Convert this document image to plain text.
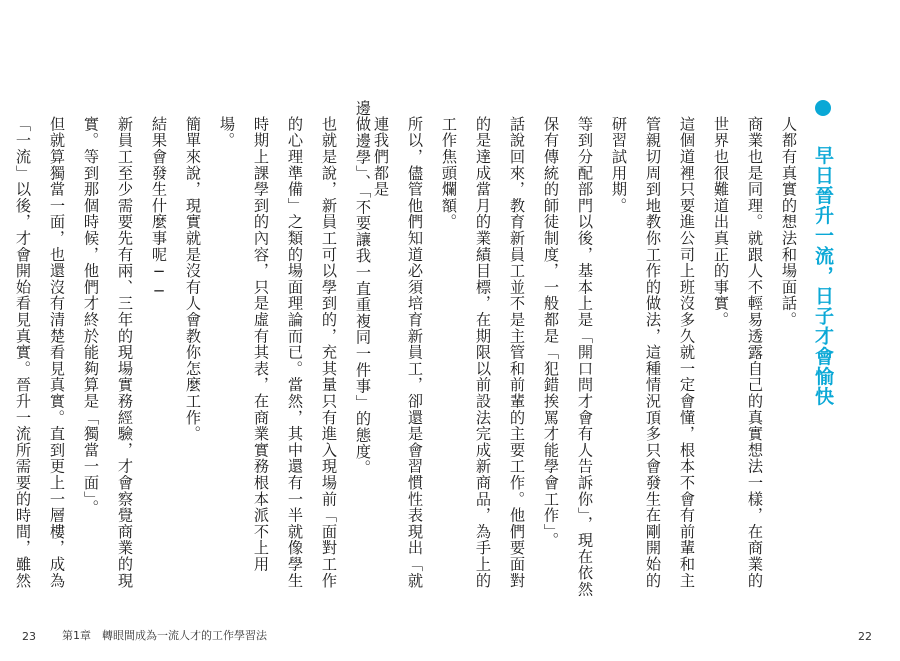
早日晉升一流，日子才會愉快

人都有真實的想法和場面話。

商業也是同理。就跟人不輕易透露自己的真實想法一樣，在商業的世界也很難道出真正的事實。

這個道裡只要進公司上班沒多久就一定會懂，根本不會有前輩和主管親切周到地教你工作的做法，這種情況頂多只會發生在剛開始的研習試用期。

等到分配部門以後，基本上是「開口問才會有人告訴你」，現在依然保有傳統的師徒制度，一般都是「犯錯挨罵才能學會工作」。

話說回來，教育新員工並不是主管和前輩的主要工作。他們要面對的是達成當月的業績目標，在期限以前設法完成新商品，為手上的工作焦頭爛額。

所以，儘管他們知道必須培育新員工，卻還是會習慣性表現出「就連我們都是

22

邊做邊學」、「不要讓我一直重複同一件事」的態度。

也就是說，新員工可以學到的，充其量只有進入現場前「面對工作的心理準備」之類的場面理論而已。當然，其中還有一半就像學生時期上課學到的內容，只是虛有其表，在商業實務根本派不上用場。

簡單來說，現實就是沒有人會教你怎麼工作。

結果會發生什麼事呢──

新員工至少需要先有兩、三年的現場實務經驗，才會察覺商業的現實。等到那個時候，他們才終於能夠算是「獨當一面」。

但就算獨當一面，也還沒有清楚看見真實。直到更上一層樓，成為「一流」以後，才會開始看見真實。晉升一流所需要的時間，雖然

23 第1章　轉眼間成為一流人才的工作學習法
